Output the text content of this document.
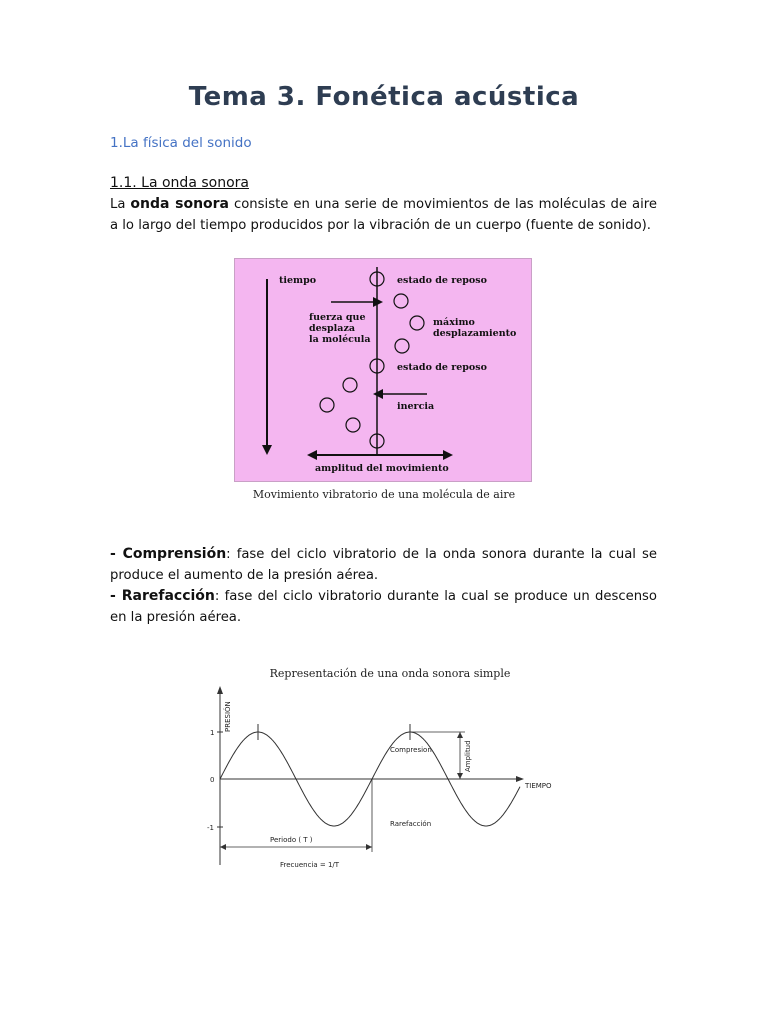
Tema 3. Fonética acústica
1.La física del sonido
1.1. La onda sonora
La onda sonora consiste en una serie de movimientos de las moléculas de aire a lo largo del tiempo producidos por la vibración de un cuerpo (fuente de sonido).
tiempo	estado de reposo
fuerza que
desplaza
la molécula
máximo
desplazamiento
estado de reposo
inercia
amplitud del movimiento
Movimiento vibratorio de una molécula de aire
- Comprensión: fase del ciclo vibratorio de la onda sonora durante la cual se produce el aumento de la presión aérea.
- Rarefacción: fase del ciclo vibratorio durante la cual se produce un descenso en la presión aérea.
Representación de una onda sonora simple
1
0
-1
PRESIÓN
TIEMPO
Amplitud
Compresion
Rarefacción
Periodo ( T )
Frecuencia = 1/T
